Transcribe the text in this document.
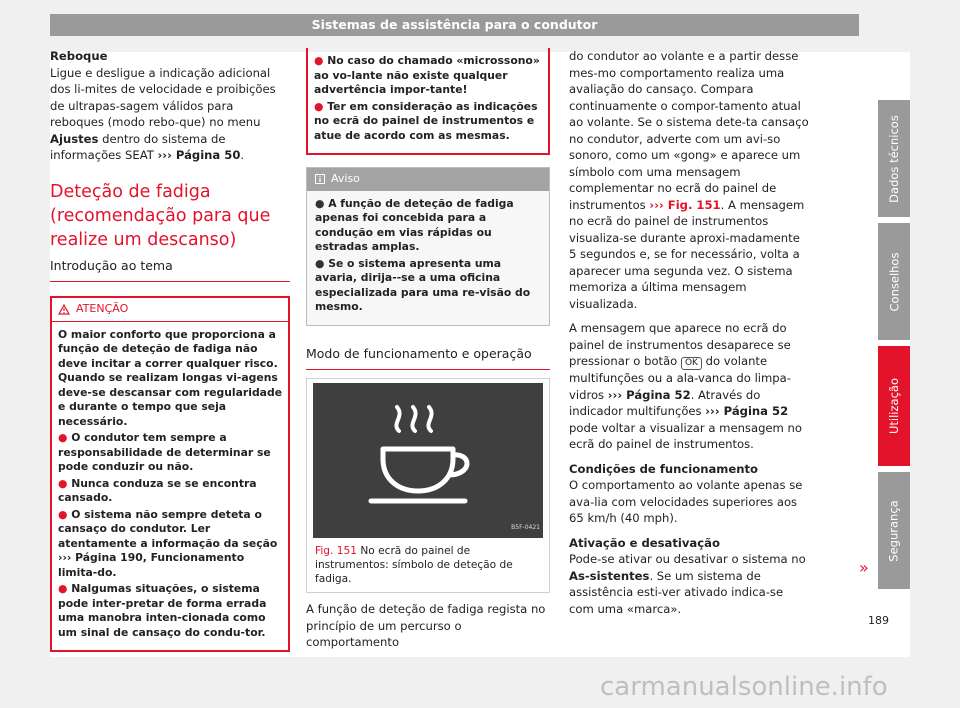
Sistemas de assistência para o condutor
Reboque
Ligue e desligue a indicação adicional dos li-mites de velocidade e proibições de ultrapas-sagem válidos para reboques (modo rebo-que) no menu Ajustes dentro do sistema de informações SEAT ››› Página 50.
Deteção de fadiga (recomendação para que realize um descanso)
Introdução ao tema
ATENÇÃO

O maior conforto que proporciona a função de deteção de fadiga não deve incitar a correr qualquer risco. Quando se realizam longas vi-agens deve-se descansar com regularidade e durante o tempo que seja necessário.

● O condutor tem sempre a responsabilidade de determinar se pode conduzir ou não.

● Nunca conduza se se encontra cansado.

● O sistema não sempre deteta o cansaço do condutor. Ler atentamente a informação da seção ››› Página 190, Funcionamento limita-do.

● Nalgumas situações, o sistema pode inter-pretar de forma errada uma manobra inten-cionada como um sinal de cansaço do condu-tor.

● No caso do chamado «microssono» ao vo-lante não existe qualquer advertência impor-tante!

● Ter em consideração as indicações no ecrã do painel de instrumentos e atue de acordo com as mesmas.

Aviso

● A função de deteção de fadiga apenas foi concebida para a condução em vias rápidas ou estradas amplas.

● Se o sistema apresenta uma avaria, dirija--se a uma oficina especializada para uma re-visão do mesmo.

Modo de funcionamento e operação
B5F-0421
Fig. 151 No ecrã do painel de instrumentos: símbolo de deteção de fadiga.
A função de deteção de fadiga regista no princípio de um percurso o comportamento
do condutor ao volante e a partir desse mes-mo comportamento realiza uma avaliação do cansaço. Compara continuamente o compor-tamento atual ao volante. Se o sistema dete-ta cansaço no condutor, adverte com um avi-so sonoro, como um «gong» e aparece um símbolo com uma mensagem complementar no ecrã do painel de instrumentos ››› Fig. 151. A mensagem no ecrã do painel de instrumentos visualiza-se durante aproxi-madamente 5 segundos e, se for necessário, volta a aparecer uma segunda vez. O sistema memoriza a última mensagem visualizada.
A mensagem que aparece no ecrã do painel de instrumentos desaparece se pressionar o botão OK do volante multifunções ou a ala-vanca do limpa-vidros ››› Página 52. Através do indicador multifunções ››› Página 52 pode voltar a visualizar a mensagem no ecrã do painel de instrumentos.
Condições de funcionamento
O comportamento ao volante apenas se ava-lia com velocidades superiores aos 65 km/h (40 mph).
Ativação e desativação
Pode-se ativar ou desativar o sistema no As-sistentes. Se um sistema de assistência esti-ver ativado indica-se com uma «marca».
»
Dados técnicos
Conselhos
Utilização
Segurança
189
carmanualsonline.info
